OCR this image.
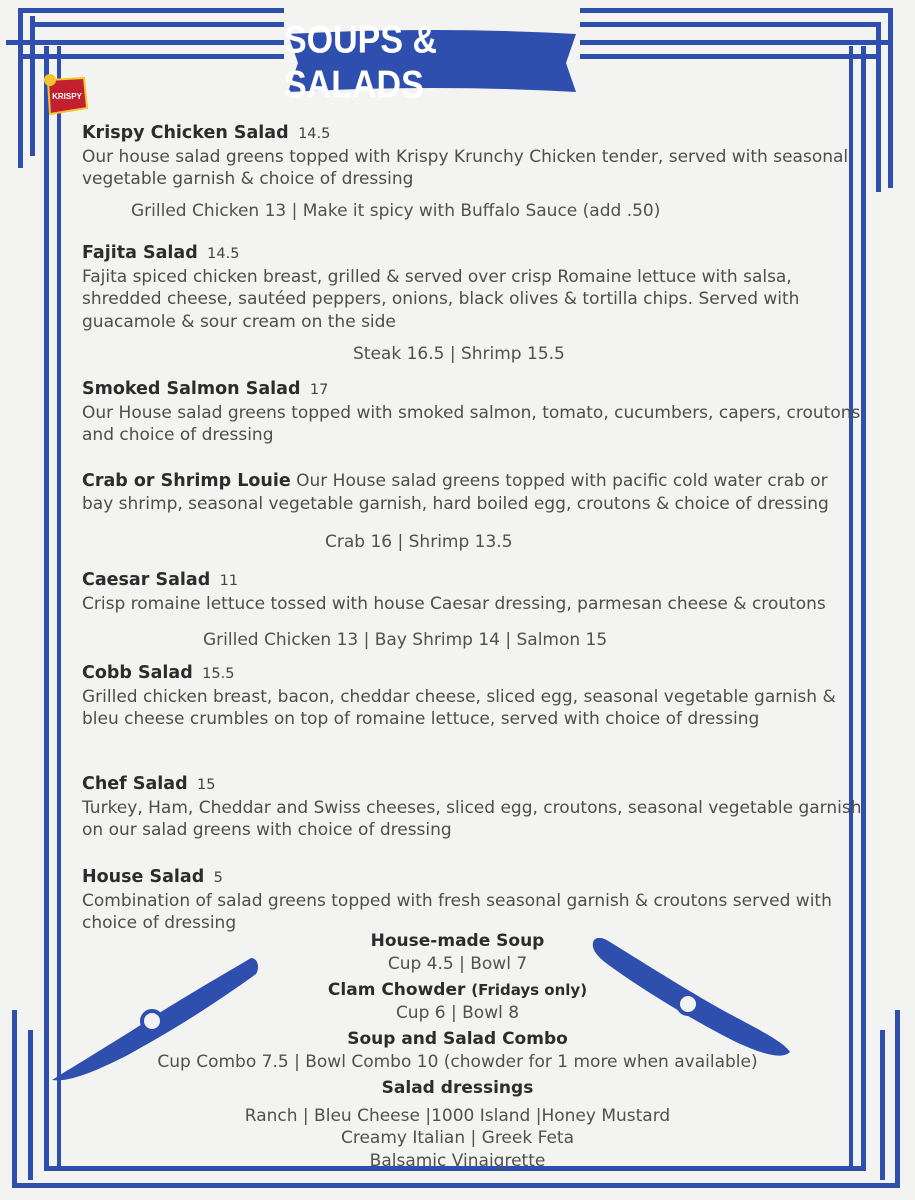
SOUPS & SALADS
KRISPY
Krispy Chicken Salad 14.5
Our house salad greens topped with Krispy Krunchy Chicken tender, served with seasonal vegetable garnish & choice of dressing
Grilled Chicken 13 | Make it spicy with Buffalo Sauce (add .50)
Fajita Salad 14.5
Fajita spiced chicken breast, grilled & served over crisp Romaine lettuce with salsa, shredded cheese, sautéed peppers, onions, black olives & tortilla chips. Served with guacamole & sour cream on the side
Steak 16.5 | Shrimp 15.5
Smoked Salmon Salad 17
Our House salad greens topped with smoked salmon, tomato, cucumbers, capers, croutons and choice of dressing
Crab or Shrimp Louie Our House salad greens topped with pacific cold water crab or bay shrimp, seasonal vegetable garnish, hard boiled egg, croutons & choice of dressing
Crab 16 | Shrimp 13.5
Caesar Salad 11
Crisp romaine lettuce tossed with house Caesar dressing, parmesan cheese & croutons
Grilled Chicken 13 | Bay Shrimp 14 | Salmon 15
Cobb Salad 15.5
Grilled chicken breast, bacon, cheddar cheese, sliced egg, seasonal vegetable garnish & bleu cheese crumbles on top of romaine lettuce, served with choice of dressing
Chef Salad 15
Turkey, Ham, Cheddar and Swiss cheeses, sliced egg, croutons, seasonal vegetable garnish on our salad greens with choice of dressing
House Salad 5
Combination of salad greens topped with fresh seasonal garnish & croutons served with choice of dressing
House-made Soup
Cup 4.5 | Bowl 7
Clam Chowder (Fridays only)
Cup 6 | Bowl 8
Soup and Salad Combo
Cup Combo 7.5 | Bowl Combo 10 (chowder for 1 more when available)
Salad dressings
Ranch | Bleu Cheese |1000 Island |Honey Mustard
Creamy Italian | Greek Feta
Balsamic Vinaigrette
